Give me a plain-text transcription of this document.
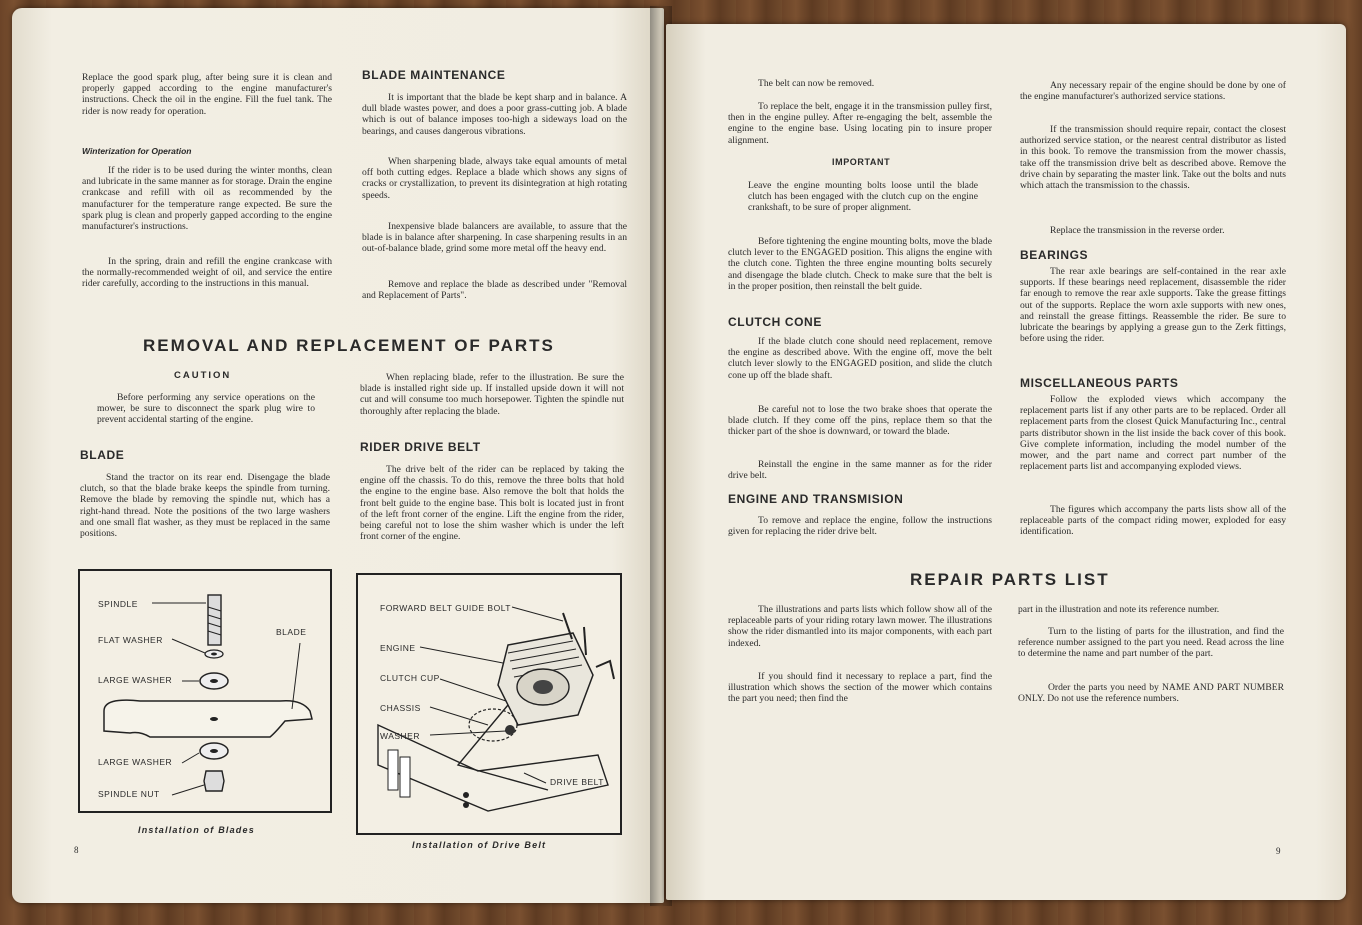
Replace the good spark plug, after being sure it is clean and properly gapped according to the engine manufacturer's instructions. Check the oil in the engine. Fill the fuel tank. The rider is now ready for operation.

Winterization for Operation

If the rider is to be used during the winter months, clean and lubricate in the same manner as for storage. Drain the engine crankcase and refill with oil as recommended by the manufacturer for the temperature range expected. Be sure the spark plug is clean and properly gapped according to the engine manufacturer's instructions.

In the spring, drain and refill the engine crankcase with the normally-recommended weight of oil, and service the entire rider carefully, according to the instructions in this manual.

BLADE MAINTENANCE

It is important that the blade be kept sharp and in balance. A dull blade wastes power, and does a poor grass-cutting job. A blade which is out of balance imposes too-high a sideways load on the bearings, and causes dangerous vibrations.

When sharpening blade, always take equal amounts of metal off both cutting edges. Replace a blade which shows any signs of cracks or crystallization, to prevent its disintegration at high rotating speeds.

Inexpensive blade balancers are available, to assure that the blade is in balance after sharpening. In case sharpening results in an out-of-balance blade, grind some more metal off the heavy end.

Remove and replace the blade as described under "Removal and Replacement of Parts".

REMOVAL AND REPLACEMENT OF PARTS

CAUTION

Before performing any service operations on the mower, be sure to disconnect the spark plug wire to prevent accidental starting of the engine.

BLADE

Stand the tractor on its rear end. Disengage the blade clutch, so that the blade brake keeps the spindle from turning. Remove the blade by removing the spindle nut, which has a right-hand thread. Note the positions of the two large washers and one small flat washer, as they must be replaced in the same positions.

When replacing blade, refer to the illustration. Be sure the blade is installed right side up. If installed upside down it will not cut and will consume too much horsepower. Tighten the spindle nut thoroughly after replacing the blade.

RIDER DRIVE BELT

The drive belt of the rider can be replaced by taking the engine off the chassis. To do this, remove the three bolts that hold the engine to the engine base. Also remove the bolt that holds the front belt guide to the engine base. This bolt is located just in front of the left front corner of the engine. Lift the engine from the rider, being careful not to lose the shim washer which is under the left front corner of the engine.

SPINDLE
FLAT WASHER
LARGE WASHER
BLADE
LARGE WASHER
SPINDLE NUT
Installation of Blades
FORWARD BELT GUIDE BOLT
ENGINE
CLUTCH CUP
CHASSIS
WASHER
DRIVE BELT
Installation of Drive Belt
8

The belt can now be removed.

To replace the belt, engage it in the transmission pulley first, then in the engine pulley. After re-engaging the belt, assemble the engine to the engine base. Using locating pin to insure proper alignment.

IMPORTANT

Leave the engine mounting bolts loose until the blade clutch has been engaged with the clutch cup on the engine crankshaft, to be sure of proper alignment.

Before tightening the engine mounting bolts, move the blade clutch lever to the ENGAGED position. This aligns the engine with the clutch cone. Tighten the three engine mounting bolts securely and disengage the blade clutch. Check to make sure that the belt is in the proper position, then reinstall the belt guide.

CLUTCH CONE

If the blade clutch cone should need replacement, remove the engine as described above. With the engine off, move the belt clutch lever slowly to the ENGAGED position, and slide the clutch cone up off the blade shaft.

Be careful not to lose the two brake shoes that operate the blade clutch. If they come off the pins, replace them so that the thicker part of the shoe is downward, or toward the blade.

Reinstall the engine in the same manner as for the rider drive belt.

ENGINE AND TRANSMISION

To remove and replace the engine, follow the instructions given for replacing the rider drive belt.

Any necessary repair of the engine should be done by one of the engine manufacturer's authorized service stations.

If the transmission should require repair, contact the closest authorized service station, or the nearest central distributor as listed in this book. To remove the transmission from the mower chassis, take off the transmission drive belt as described above. Remove the drive chain by separating the master link. Take out the bolts and nuts which attach the transmission to the chassis.

Replace the transmission in the reverse order.

BEARINGS

The rear axle bearings are self-contained in the rear axle supports. If these bearings need replacement, disassemble the rider far enough to remove the rear axle supports. Take the grease fittings out of the supports. Replace the worn axle supports with new ones, and reinstall the grease fittings. Reassemble the rider. Be sure to lubricate the bearings by applying a grease gun to the Zerk fittings, before using the rider.

MISCELLANEOUS PARTS

Follow the exploded views which accompany the replacement parts list if any other parts are to be replaced. Order all replacement parts from the closest Quick Manufacturing Inc., central parts distributor shown in the list inside the back cover of this book. Give complete information, including the model number of the mower, and the part name and correct part number of the replacement parts list and accompanying exploded views.

The figures which accompany the parts lists show all of the replaceable parts of the compact riding mower, exploded for easy identification.

REPAIR PARTS LIST

The illustrations and parts lists which follow show all of the replaceable parts of your riding rotary lawn mower. The illustrations show the rider dismantled into its major components, with each part indexed.

If you should find it necessary to replace a part, find the illustration which shows the section of the mower which contains the part you need; then find the

part in the illustration and note its reference number.

Turn to the listing of parts for the illustration, and find the reference number assigned to the part you need. Read across the line to determine the name and part number of the part.

Order the parts you need by NAME AND PART NUMBER ONLY. Do not use the reference numbers.

9
